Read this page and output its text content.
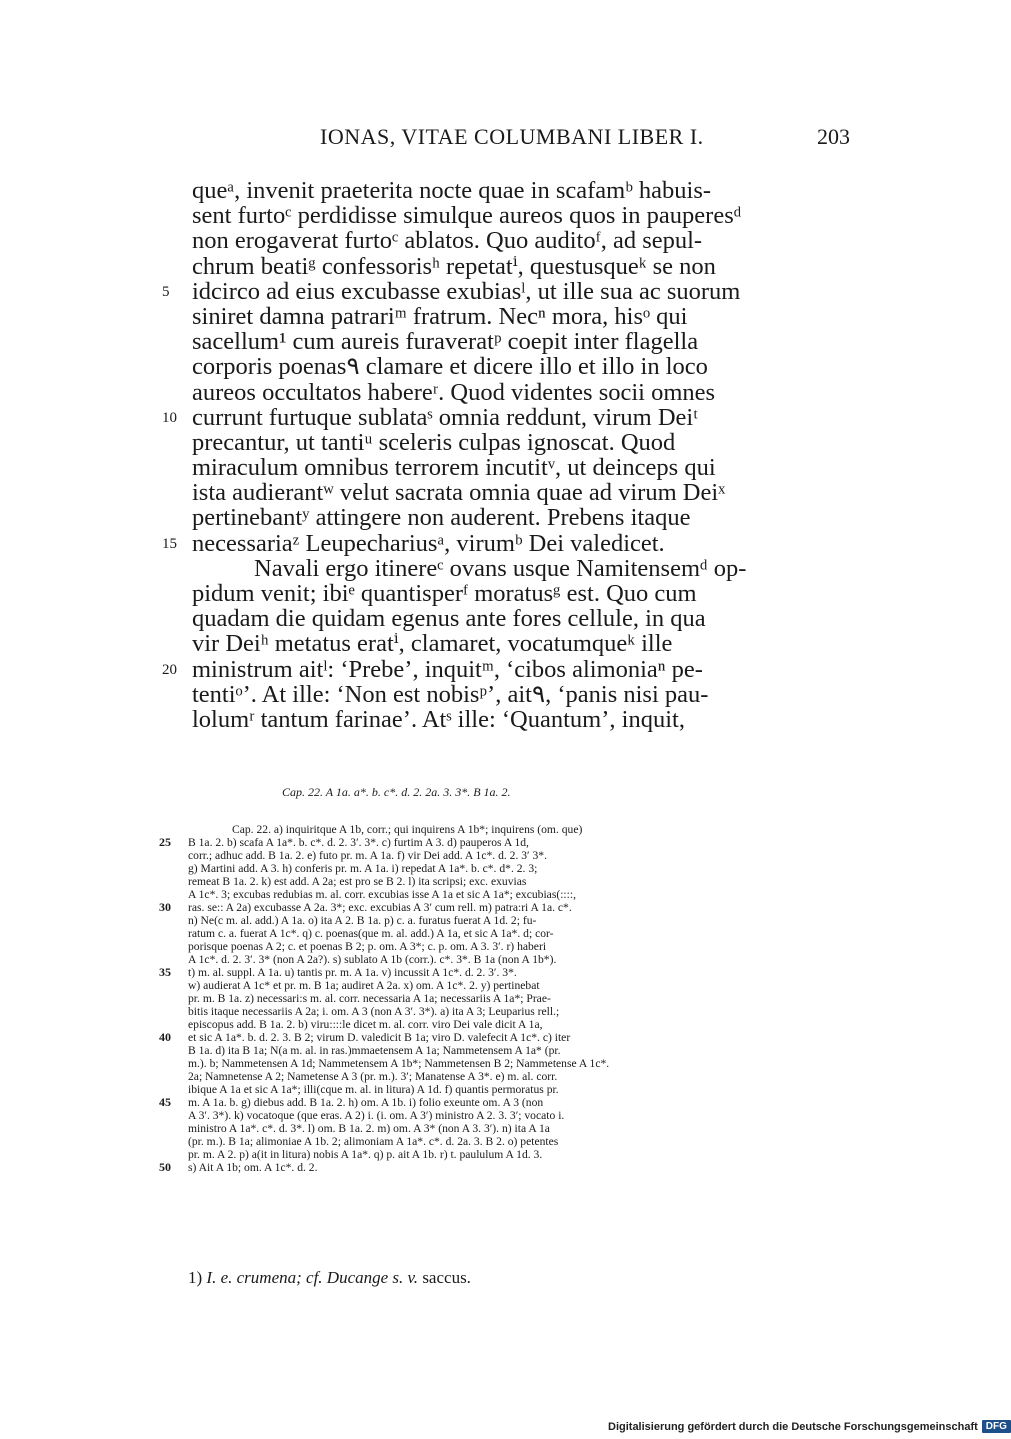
IONAS, VITAE COLUMBANI LIBER I.	203
queᵃ, invenit praeterita nocte quae in scafamᵇ habuis-
sent furtoᶜ perdidisse simulque aureos quos in pauperesᵈ
non erogaverat furtoᶜ ablatos. Quo auditoᶠ, ad sepul-
chrum beatiᵍ confessorisʰ repetatⁱ, questusqueᵏ se non
5 idcirco ad eius excubasse exubiasˡ, ut ille sua ac suorum
siniret damna patrariᵐ fratrum. Necⁿ mora, hisᵒ qui
sacellum¹ cum aureis furaveratᵖ coepit inter flagella
corporis poenas٩ clamare et dicere illo et illo in loco
aureos occultatos habereʳ. Quod videntes socii omnes
10 currunt furtuque sublataˢ omnia reddunt, virum Deiᵗ
precantur, ut tantiᵘ sceleris culpas ignoscat. Quod
miraculum omnibus terrorem incutitᵛ, ut deinceps qui
ista audierantʷ velut sacrata omnia quae ad virum Deiˣ
pertinebantʸ attingere non auderent. Prebens itaque
15 necessariaᶻ Leupechariusᵃ, virumᵇ Dei valedicet.
Navali ergo itinereᶜ ovans usque Namitensemᵈ op-
pidum venit; ibiᵉ quantisperᶠ moratusᵍ est. Quo cum
quadam die quidam egenus ante fores cellule, in qua
vir Deiʰ metatus eratⁱ, clamaret, vocatumqueᵏ ille
20 ministrum aitˡ: ‘Prebe’, inquitᵐ, ‘cibos alimoniaⁿ pe-
tentiᵒ’. At ille: ‘Non est nobisᵖ’, ait٩, ‘panis nisi pau-
lolumʳ tantum farinae’. Atˢ ille: ‘Quantum’, inquit,
Cap. 22. A 1a. a*. b. c*. d. 2. 2a. 3. 3*. B 1a. 2.
Cap. 22. a) inquiritque A 1b, corr.; qui inquirens A 1b*; inquirens (om. que)
25 B 1a. 2. b) scafa A 1a*. b. c*. d. 2. 3′. 3*. c) furtim A 3. d) pauperos A 1d,
corr.; adhuc add. B 1a. 2. e) futo pr. m. A 1a. f) vir Dei add. A 1c*. d. 2. 3′ 3*.
g) Martini add. A 3. h) conferis pr. m. A 1a. i) repedat A 1a*. b. c*. d*. 2. 3;
remeat B 1a. 2. k) est add. A 2a; est pro se B 2. l) ita scripsi; exc. exuvias
A 1c*. 3; excubas redubias m. al. corr. excubias isse A 1a et sic A 1a*; excubias(::::,
30 ras. se:: A 2a) excubasse A 2a. 3*; exc. excubias A 3′ cum rell. m) patra:ri A 1a. c*.
n) Ne(c m. al. add.) A 1a. o) ita A 2. B 1a. p) c. a. furatus fuerat A 1d. 2; fu-
ratum c. a. fuerat A 1c*. q) c. poenas(que m. al. add.) A 1a, et sic A 1a*. d; cor-
porisque poenas A 2; c. et poenas B 2; p. om. A 3*; c. p. om. A 3. 3′. r) haberi
A 1c*. d. 2. 3′. 3* (non A 2a?). s) sublato A 1b (corr.). c*. 3*. B 1a (non A 1b*).
35 t) m. al. suppl. A 1a. u) tantis pr. m. A 1a. v) incussit A 1c*. d. 2. 3′. 3*.
w) audierat A 1c* et pr. m. B 1a; audiret A 2a. x) om. A 1c*. 2. y) pertinebat
pr. m. B 1a. z) necessari:s m. al. corr. necessaria A 1a; necessariis A 1a*; Prae-
bitis itaque necessariis A 2a; i. om. A 3 (non A 3′. 3*). a) ita A 3; Leuparius rell.;
episcopus add. B 1a. 2. b) viru::::le dicet m. al. corr. viro Dei vale dicit A 1a,
40 et sic A 1a*. b. d. 2. 3. B 2; virum D. valedicit B 1a; viro D. valefecit A 1c*. c) iter
B 1a. d) ita B 1a; N(a m. al. in ras.)mmaetensem A 1a; Nammetensem A 1a* (pr.
m.). b; Nammetensen A 1d; Nammetensem A 1b*; Nammetensen B 2; Nammetense A 1c*.
2a; Namnetense A 2; Nametense A 3 (pr. m.). 3′; Manatense A 3*. e) m. al. corr.
ibique A 1a et sic A 1a*; illi(cque m. al. in litura) A 1d. f) quantis permoratus pr.
45 m. A 1a. b. g) diebus add. B 1a. 2. h) om. A 1b. i) folio exeunte om. A 3 (non
A 3′. 3*). k) vocatoque (que eras. A 2) i. (i. om. A 3′) ministro A 2. 3. 3′; vocato i.
ministro A 1a*. c*. d. 3*. l) om. B 1a. 2. m) om. A 3* (non A 3. 3′). n) ita A 1a
(pr. m.). B 1a; alimoniae A 1b. 2; alimoniam A 1a*. c*. d. 2a. 3. B 2. o) petentes
pr. m. A 2. p) a(it in litura) nobis A 1a*. q) p. ait A 1b. r) t. paululum A 1d. 3.
50 s) Ait A 1b; om. A 1c*. d. 2.
1) I. e. crumena; cf. Ducange s. v. saccus.
Digitalisierung gefördert durch die Deutsche Forschungsgemeinschaft DFG
